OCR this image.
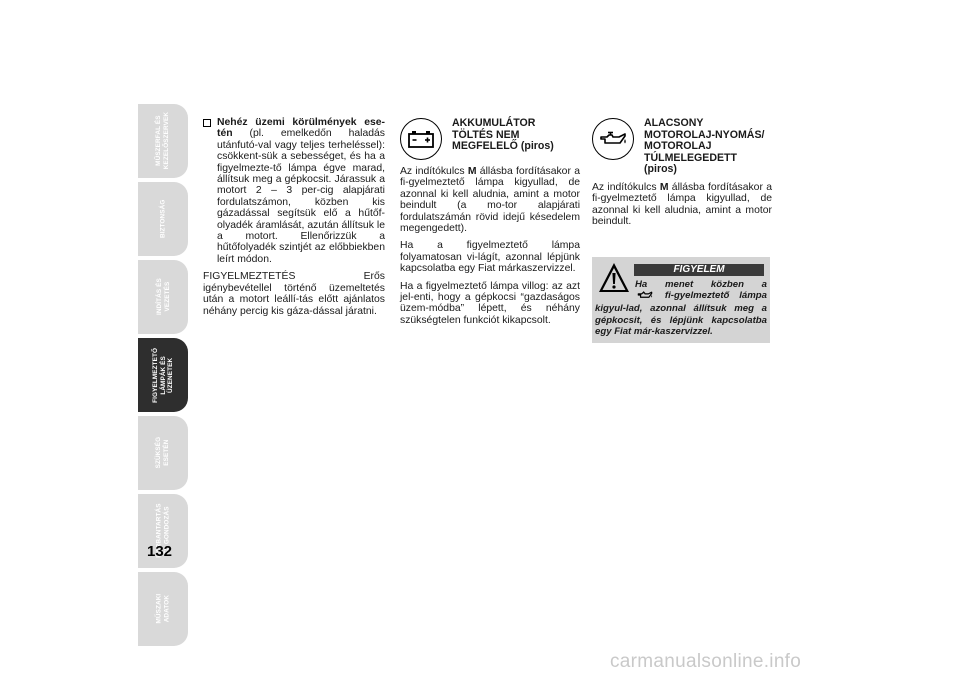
MŰSZERFAL ÉS
KEZELŐSZERVEK
BIZTONSÁG
INDÍTÁS ÉS
VEZETÉS
FIGYELMEZTETŐ
LÁMPÁK ÉS
ÜZENETEK
SZÜKSÉG
ESETÉN
KARBANTARTÁS
ÉS GONDOZÁS
MŰSZAKI
ADATOK
132
Nehéz üzemi körülmények ese-tén (pl. emelkedőn haladás utánfutó-val vagy teljes terheléssel): csökkent-sük a sebességet, és ha a figyelmezte-tő lámpa égve marad, állítsuk meg a gépkocsit. Járassuk a motort 2 – 3 per-cig alapjárati fordulatszámon, közben kis gázadással segítsük elő a hűtőf-olyadék áramlását, azután állítsuk le a motort. Ellenőrizzük a hűtőfolyadék szintjét az előbbiekben leírt módon.

FIGYELMEZTETÉS Erős igénybevétellel történő üzemeltetés után a motort leállí-tás előtt ajánlatos néhány percig kis gáza-dással járatni.

AKKUMULÁTOR
TÖLTÉS NEM
MEGFELELŐ (piros)

Az indítókulcs M állásba fordításakor a fi-gyelmeztető lámpa kigyullad, de azonnal ki kell aludnia, amint a motor beindult (a mo-tor alapjárati fordulatszámán rövid idejű késedelem megengedett).

Ha a figyelmeztető lámpa folyamatosan vi-lágít, azonnal lépjünk kapcsolatba egy Fiat márkaszervizzel.

Ha a figyelmeztető lámpa villog: az azt jel-enti, hogy a gépkocsi “gazdaságos üzem-módba” lépett, és néhány szükségtelen funkciót kikapcsolt.

ALACSONY
MOTOROLAJ-NYOMÁS/
MOTOROLAJ
TÚLMELEGEDETT
(piros)

Az indítókulcs M állásba fordításakor a fi-gyelmeztető lámpa kigyullad, de azonnal ki kell aludnia, amint a motor beindult.

FIGYELEM
Ha menet közben a  fi-gyelmeztető lámpa kigyul-lad, azonnal állítsuk meg a gépkocsit, és lépjünk kapcsolatba egy Fiat már-kaszervizzel.
carmanualsonline.info
